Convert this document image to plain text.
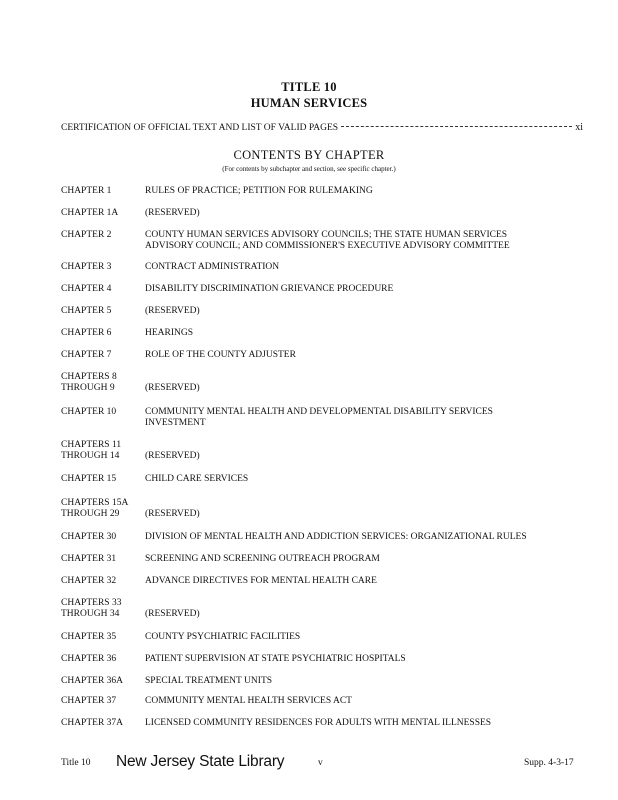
TITLE 10
HUMAN SERVICES
CERTIFICATION OF OFFICIAL TEXT AND LIST OF VALID PAGES	xi
CONTENTS BY CHAPTER
(For contents by subchapter and section, see specific chapter.)
CHAPTER 1	RULES OF PRACTICE; PETITION FOR RULEMAKING
CHAPTER 1A	(RESERVED)
CHAPTER 2	COUNTY HUMAN SERVICES ADVISORY COUNCILS; THE STATE HUMAN SERVICES
ADVISORY COUNCIL; AND COMMISSIONER'S EXECUTIVE ADVISORY COMMITTEE
CHAPTER 3	CONTRACT ADMINISTRATION
CHAPTER 4	DISABILITY DISCRIMINATION GRIEVANCE PROCEDURE
CHAPTER 5	(RESERVED)
CHAPTER 6	HEARINGS
CHAPTER 7	ROLE OF THE COUNTY ADJUSTER
CHAPTERS 8
THROUGH 9	(RESERVED)
CHAPTER 10	COMMUNITY MENTAL HEALTH AND DEVELOPMENTAL DISABILITY SERVICES
INVESTMENT
CHAPTERS 11
THROUGH 14	(RESERVED)
CHAPTER 15	CHILD CARE SERVICES
CHAPTERS 15A
THROUGH 29	(RESERVED)
CHAPTER 30	DIVISION OF MENTAL HEALTH AND ADDICTION SERVICES: ORGANIZATIONAL RULES
CHAPTER 31	SCREENING AND SCREENING OUTREACH PROGRAM
CHAPTER 32	ADVANCE DIRECTIVES FOR MENTAL HEALTH CARE
CHAPTERS 33
THROUGH 34	(RESERVED)
CHAPTER 35	COUNTY PSYCHIATRIC FACILITIES
CHAPTER 36	PATIENT SUPERVISION AT STATE PSYCHIATRIC HOSPITALS
CHAPTER 36A	SPECIAL TREATMENT UNITS
CHAPTER 37	COMMUNITY MENTAL HEALTH SERVICES ACT
CHAPTER 37A	LICENSED COMMUNITY RESIDENCES FOR ADULTS WITH MENTAL ILLNESSES
Title 10 New Jersey State Library	v	Supp. 4-3-17
